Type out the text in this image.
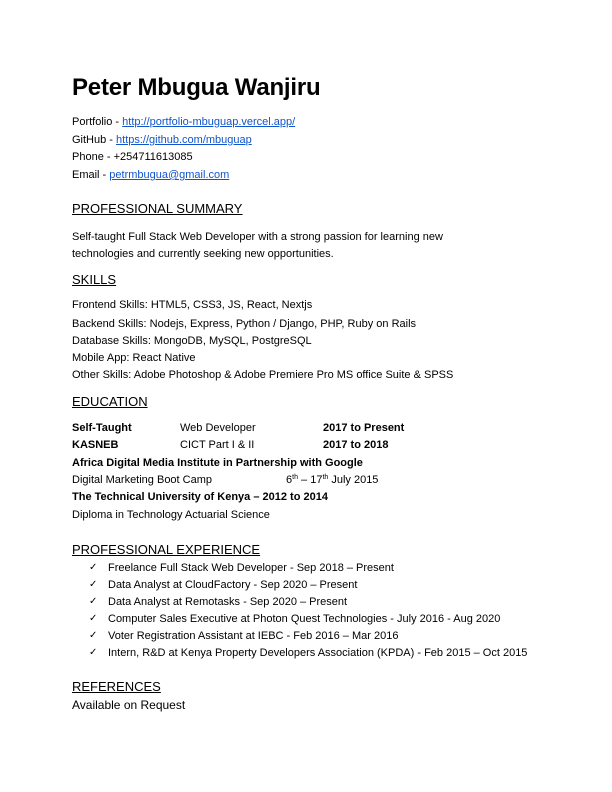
Peter Mbugua Wanjiru
Portfolio - http://portfolio-mbuguap.vercel.app/
GitHub - https://github.com/mbuguap
Phone - +254711613085
Email - petrmbugua@gmail.com
PROFESSIONAL SUMMARY
Self-taught Full Stack Web Developer with a strong passion for learning new technologies and currently seeking new opportunities.
SKILLS
Frontend Skills: HTML5, CSS3, JS, React, Nextjs
Backend Skills: Nodejs, Express, Python / Django, PHP, Ruby on Rails
Database Skills: MongoDB, MySQL, PostgreSQL
Mobile App: React Native
Other Skills: Adobe Photoshop & Adobe Premiere Pro MS office Suite & SPSS
EDUCATION
Self-Taught	Web Developer	2017 to Present
KASNEB	CICT Part I & II	2017 to 2018
Africa Digital Media Institute in Partnership with Google
Digital Marketing Boot Camp	6th – 17th July 2015
The Technical University of Kenya – 2012 to 2014
Diploma in Technology Actuarial Science
PROFESSIONAL EXPERIENCE
✓ Freelance Full Stack Web Developer - Sep 2018 – Present
✓ Data Analyst at CloudFactory - Sep 2020 – Present
✓ Data Analyst at Remotasks - Sep 2020 – Present
✓ Computer Sales Executive at Photon Quest Technologies - July 2016 - Aug 2020
✓ Voter Registration Assistant at IEBC - Feb 2016 – Mar 2016
✓ Intern, R&D at Kenya Property Developers Association (KPDA) - Feb 2015 – Oct 2015
REFERENCES
Available on Request
